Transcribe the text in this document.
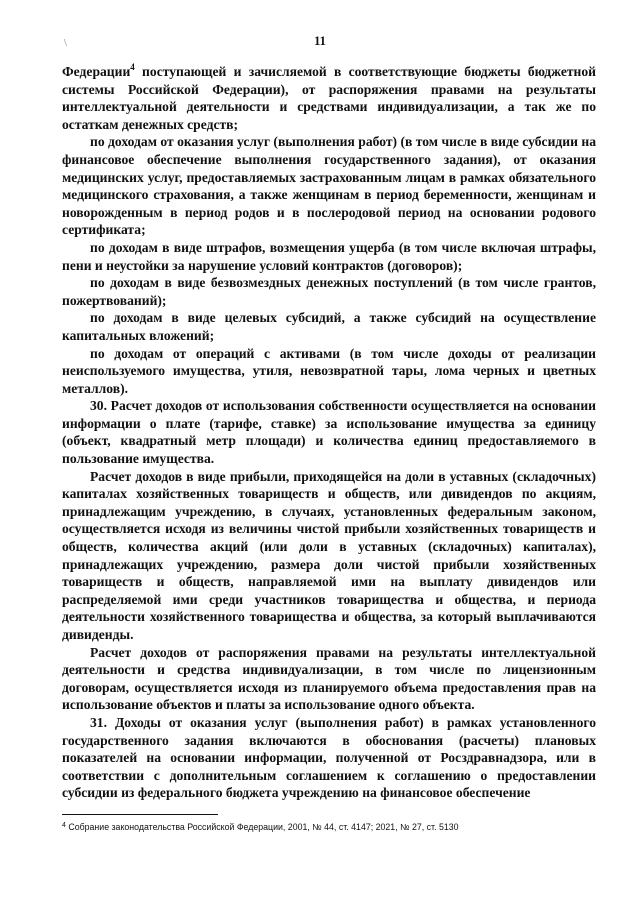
\	11

Федерации$^4$ поступающей и зачисляемой в соответствующие бюджеты бюджетной системы Российской Федерации), от распоряжения правами на результаты интеллектуальной деятельности и средствами индивидуализации, а так же по остаткам денежных средств;

по доходам от оказания услуг (выполнения работ) (в том числе в виде субсидии на финансовое обеспечение выполнения государственного задания), от оказания медицинских услуг, предоставляемых застрахованным лицам в рамках обязательного медицинского страхования, а также женщинам в период беременности, женщинам и новорожденным в период родов и в послеродовой период на основании родового сертификата;

по доходам в виде штрафов, возмещения ущерба (в том числе включая штрафы, пени и неустойки за нарушение условий контрактов (договоров);

по доходам в виде безвозмездных денежных поступлений (в том числе грантов, пожертвований);

по доходам в виде целевых субсидий, а также субсидий на осуществление капитальных вложений;

по доходам от операций с активами (в том числе доходы от реализации неиспользуемого имущества, утиля, невозвратной тары, лома черных и цветных металлов).

30. Расчет доходов от использования собственности осуществляется на основании информации о плате (тарифе, ставке) за использование имущества за единицу (объект, квадратный метр площади) и количества единиц предоставляемого в пользование имущества.

Расчет доходов в виде прибыли, приходящейся на доли в уставных (складочных) капиталах хозяйственных товариществ и обществ, или дивидендов по акциям, принадлежащим учреждению, в случаях, установленных федеральным законом, осуществляется исходя из величины чистой прибыли хозяйственных товариществ и обществ, количества акций (или доли в уставных (складочных) капиталах), принадлежащих учреждению, размера доли чистой прибыли хозяйственных товариществ и обществ, направляемой ими на выплату дивидендов или распределяемой ими среди участников товарищества и общества, и периода деятельности хозяйственного товарищества и общества, за который выплачиваются дивиденды.

Расчет доходов от распоряжения правами на результаты интеллектуальной деятельности и средства индивидуализации, в том числе по лицензионным договорам, осуществляется исходя из планируемого объема предоставления прав на использование объектов и платы за использование одного объекта.

31. Доходы от оказания услуг (выполнения работ) в рамках установленного государственного задания включаются в обоснования (расчеты) плановых показателей на основании информации, полученной от Росздравнадзора, или в соответствии с дополнительным соглашением к соглашению о предоставлении субсидии из федерального бюджета учреждению на финансовое обеспечение

$^4$ Собрание законодательства Российской Федерации, 2001, № 44, ст. 4147; 2021, № 27, ст. 5130
